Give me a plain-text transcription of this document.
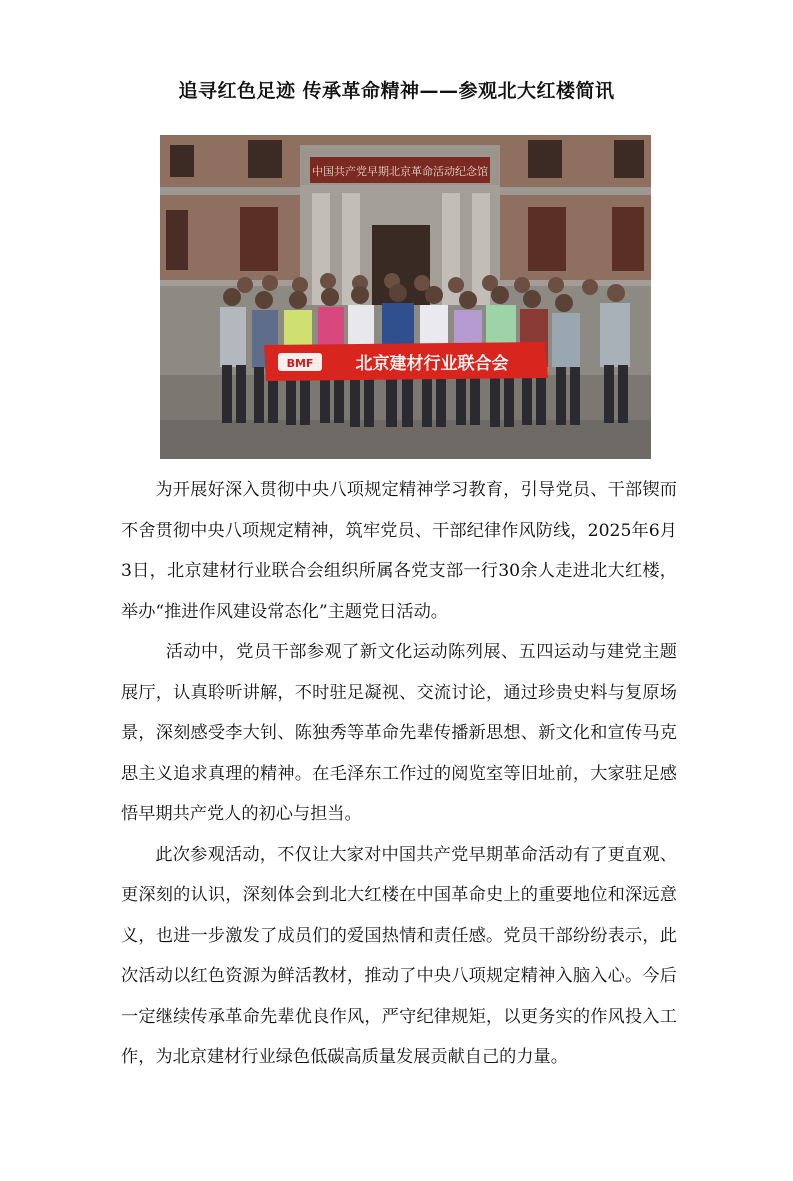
追寻红色足迹 传承革命精神——参观北大红楼简讯
中国共产党早期北京革命活动纪念馆
BMF 北京建材行业联合会

为开展好深入贯彻中央八项规定精神学习教育，引导党员、干部锲而不舍贯彻中央八项规定精神，筑牢党员、干部纪律作风防线，2025年6月3日，北京建材行业联合会组织所属各党支部一行30余人走进北大红楼，举办“推进作风建设常态化”主题党日活动。

活动中，党员干部参观了新文化运动陈列展、五四运动与建党主题展厅，认真聆听讲解，不时驻足凝视、交流讨论，通过珍贵史料与复原场景，深刻感受李大钊、陈独秀等革命先辈传播新思想、新文化和宣传马克思主义追求真理的精神。在毛泽东工作过的阅览室等旧址前，大家驻足感悟早期共产党人的初心与担当。

此次参观活动，不仅让大家对中国共产党早期革命活动有了更直观、更深刻的认识，深刻体会到北大红楼在中国革命史上的重要地位和深远意义，也进一步激发了成员们的爱国热情和责任感。党员干部纷纷表示，此次活动以红色资源为鲜活教材，推动了中央八项规定精神入脑入心。今后一定继续传承革命先辈优良作风，严守纪律规矩，以更务实的作风投入工作，为北京建材行业绿色低碳高质量发展贡献自己的力量。
